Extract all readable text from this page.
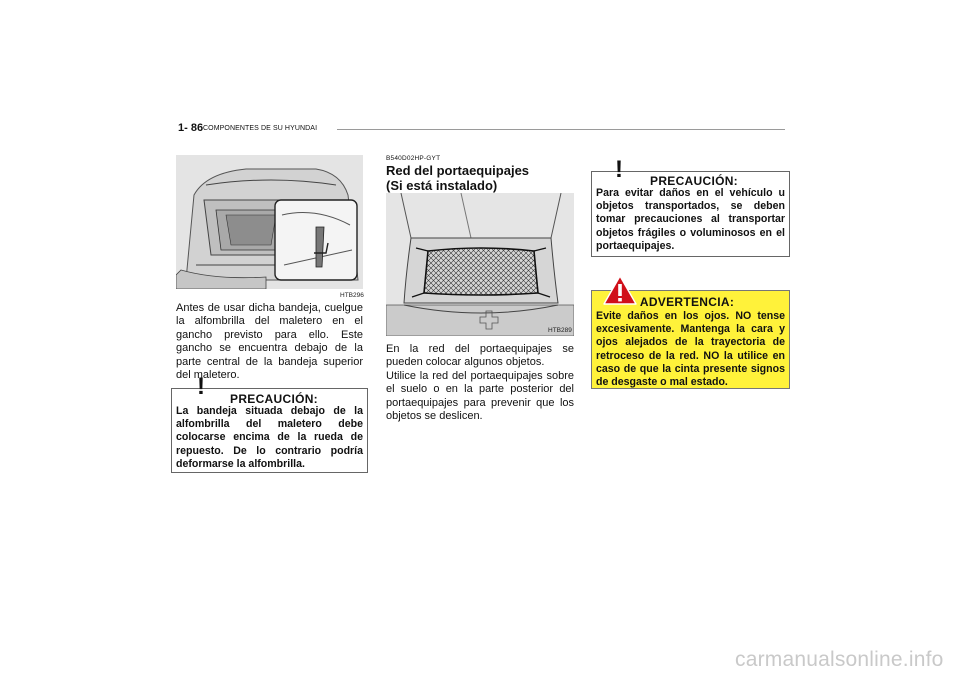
1- 86 COMPONENTES DE SU HYUNDAI
HTB296

Antes de usar dicha bandeja, cuelgue la alfombrilla del maletero en el gancho previsto para ello. Este gancho se encuentra debajo de la parte central de la bandeja superior del maletero.

!	PRECAUCIÓN:
La bandeja situada debajo de la alfombrilla del maletero debe colocarse encima de la rueda de repuesto. De lo contrario podría deformarse la alfombrilla.
B540D02HP-GYT
Red del portaequipajes
(Si está instalado)
HTB289

En la red del portaequipajes se pueden colocar algunos objetos.

Utilice la red del portaequipajes sobre el suelo o en la parte posterior del portaequipajes para prevenir que los objetos se deslicen.

!	PRECAUCIÓN:
Para evitar daños en el vehículo u objetos transportados, se deben tomar precauciones al transportar objetos frágiles o voluminosos en el portaequipajes.
ADVERTENCIA:
Evite daños en los ojos. NO tense excesivamente. Mantenga la cara y ojos alejados de la trayectoria de retroceso de la red. NO la utilice en caso de que la cinta presente signos de desgaste o mal estado.
carmanualsonline.info
